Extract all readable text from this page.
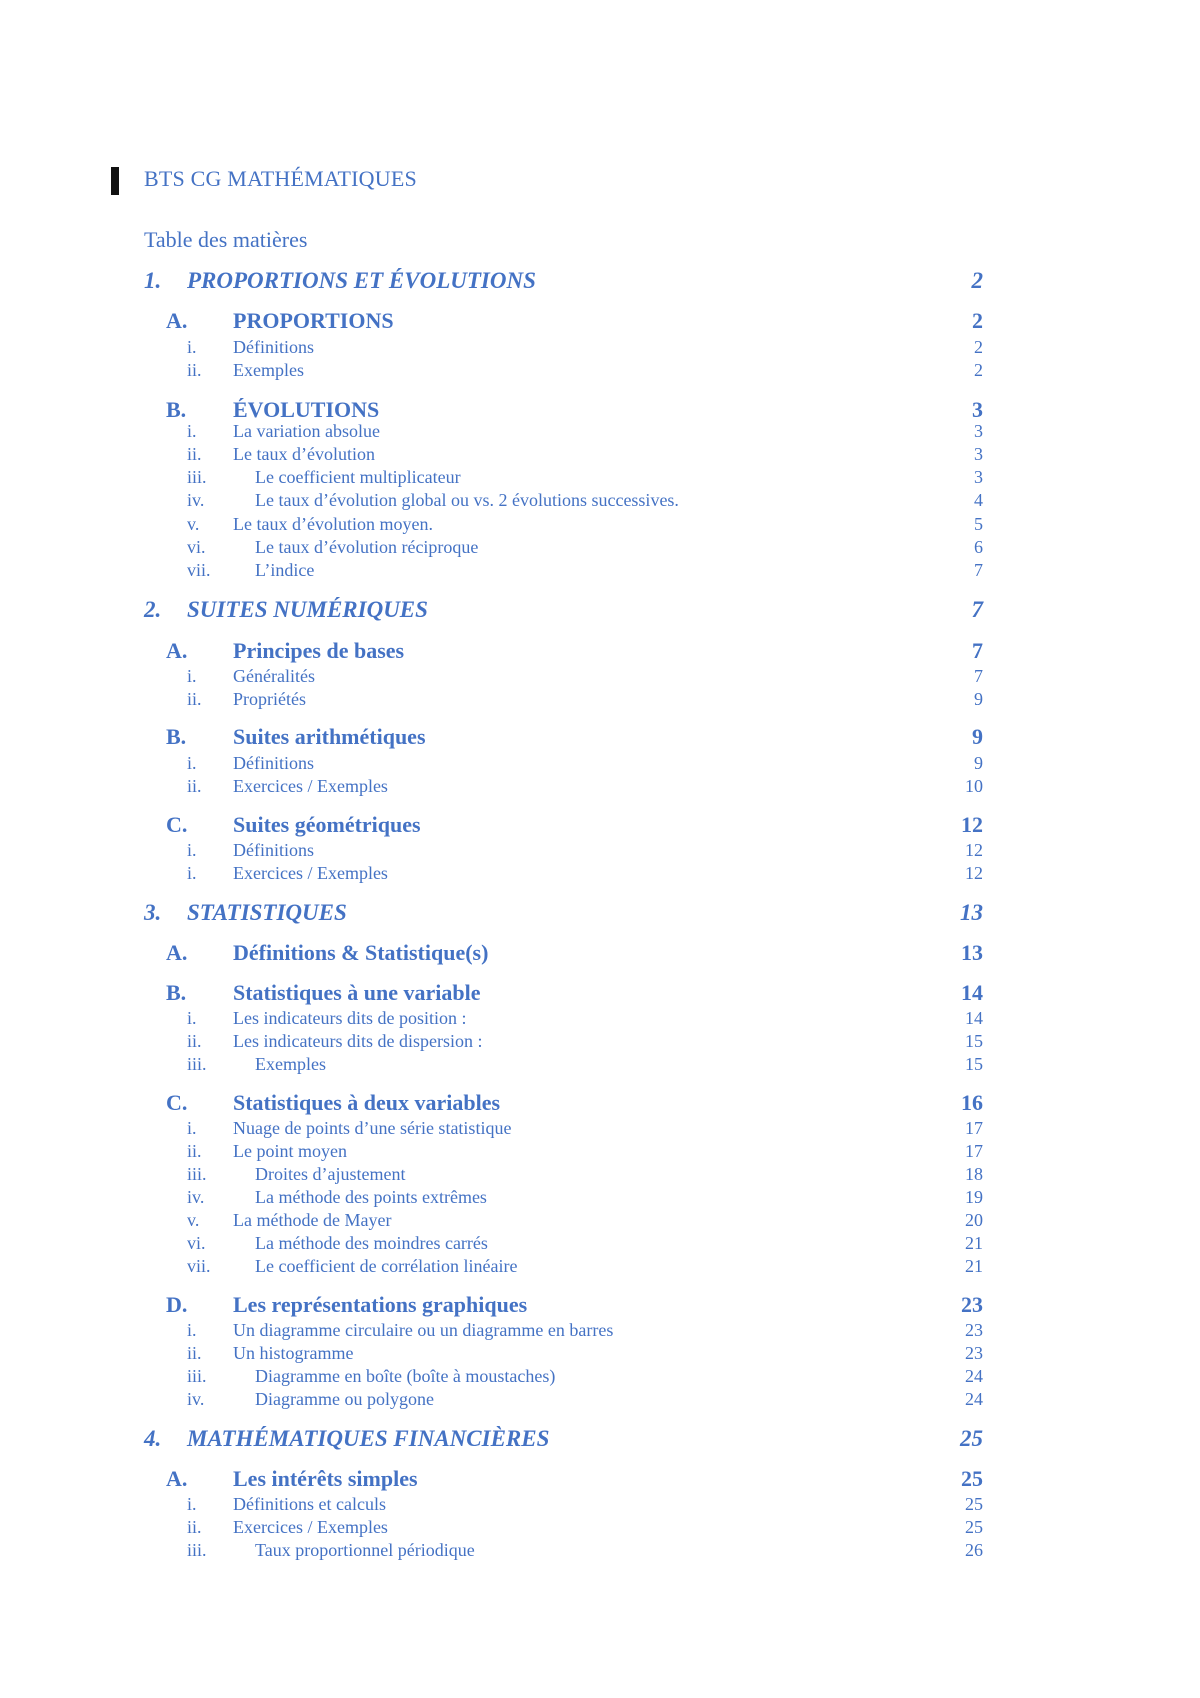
BTS CG MATHÉMATIQUES
Table des matières
1. PROPORTIONS ET ÉVOLUTIONS	2
A. PROPORTIONS	2
i. Définitions	2
ii. Exemples	2
B. ÉVOLUTIONS	3
i. La variation absolue	3
ii. Le taux d’évolution	3
iii.	Le coefficient multiplicateur	3
iv.	Le taux d’évolution global ou vs. 2 évolutions successives.	4
v. Le taux d’évolution moyen.	5
vi.	Le taux d’évolution réciproque	6
vii. L’indice	7
2. SUITES NUMÉRIQUES	7
A. Principes de bases	7
i. Généralités	7
ii. Propriétés	9
B. Suites arithmétiques	9
i. Définitions	9
ii. Exercices / Exemples	10
C. Suites géométriques	12
i. Définitions	12
i. Exercices / Exemples	12
3. STATISTIQUES	13
A. Définitions & Statistique(s)	13
B. Statistiques à une variable	14
i. Les indicateurs dits de position :	14
ii. Les indicateurs dits de dispersion :	15
iii.	Exemples	15
C. Statistiques à deux variables	16
i. Nuage de points d’une série statistique	17
ii. Le point moyen	17
iii.	Droites d’ajustement	18
iv.	La méthode des points extrêmes	19
v. La méthode de Mayer	20
vi.	La méthode des moindres carrés	21
vii. Le coefficient de corrélation linéaire	21
D. Les représentations graphiques	23
i. Un diagramme circulaire ou un diagramme en barres	23
ii. Un histogramme	23
iii.	Diagramme en boîte (boîte à moustaches)	24
iv.	Diagramme ou polygone	24
4. MATHÉMATIQUES FINANCIÈRES	25
A. Les intérêts simples	25
i. Définitions et calculs	25
ii. Exercices / Exemples	25
iii.	Taux proportionnel périodique	26
